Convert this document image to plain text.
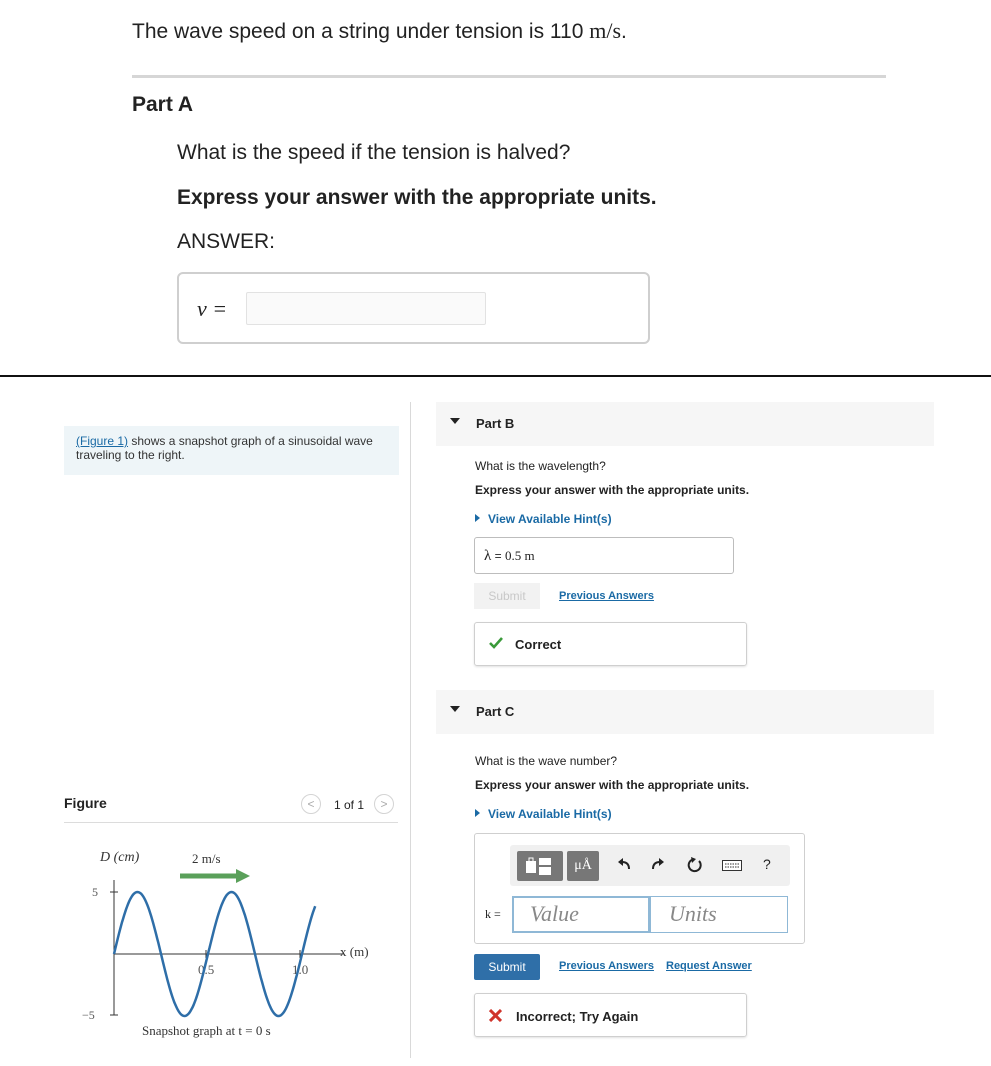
The wave speed on a string under tension is 110 m/s.
Part A
What is the speed if the tension is halved?
Express your answer with the appropriate units.
ANSWER:
v =
(Figure 1) shows a snapshot graph of a sinusoidal wave traveling to the right.
Figure	<	1 of 1	>
5
−5
0.5	1.0
D (cm)
x (m)
2 m/s
Snapshot graph at t = 0 s
Part B
What is the wavelength?
Express your answer with the appropriate units.
View Available Hint(s)
λ = 0.5 m
Submit	Previous Answers
Correct
Part C
What is the wave number?
Express your answer with the appropriate units.
View Available Hint(s)
μÅ	?
k =	Value	Units
Submit	Previous Answers Request Answer
Incorrect; Try Again
